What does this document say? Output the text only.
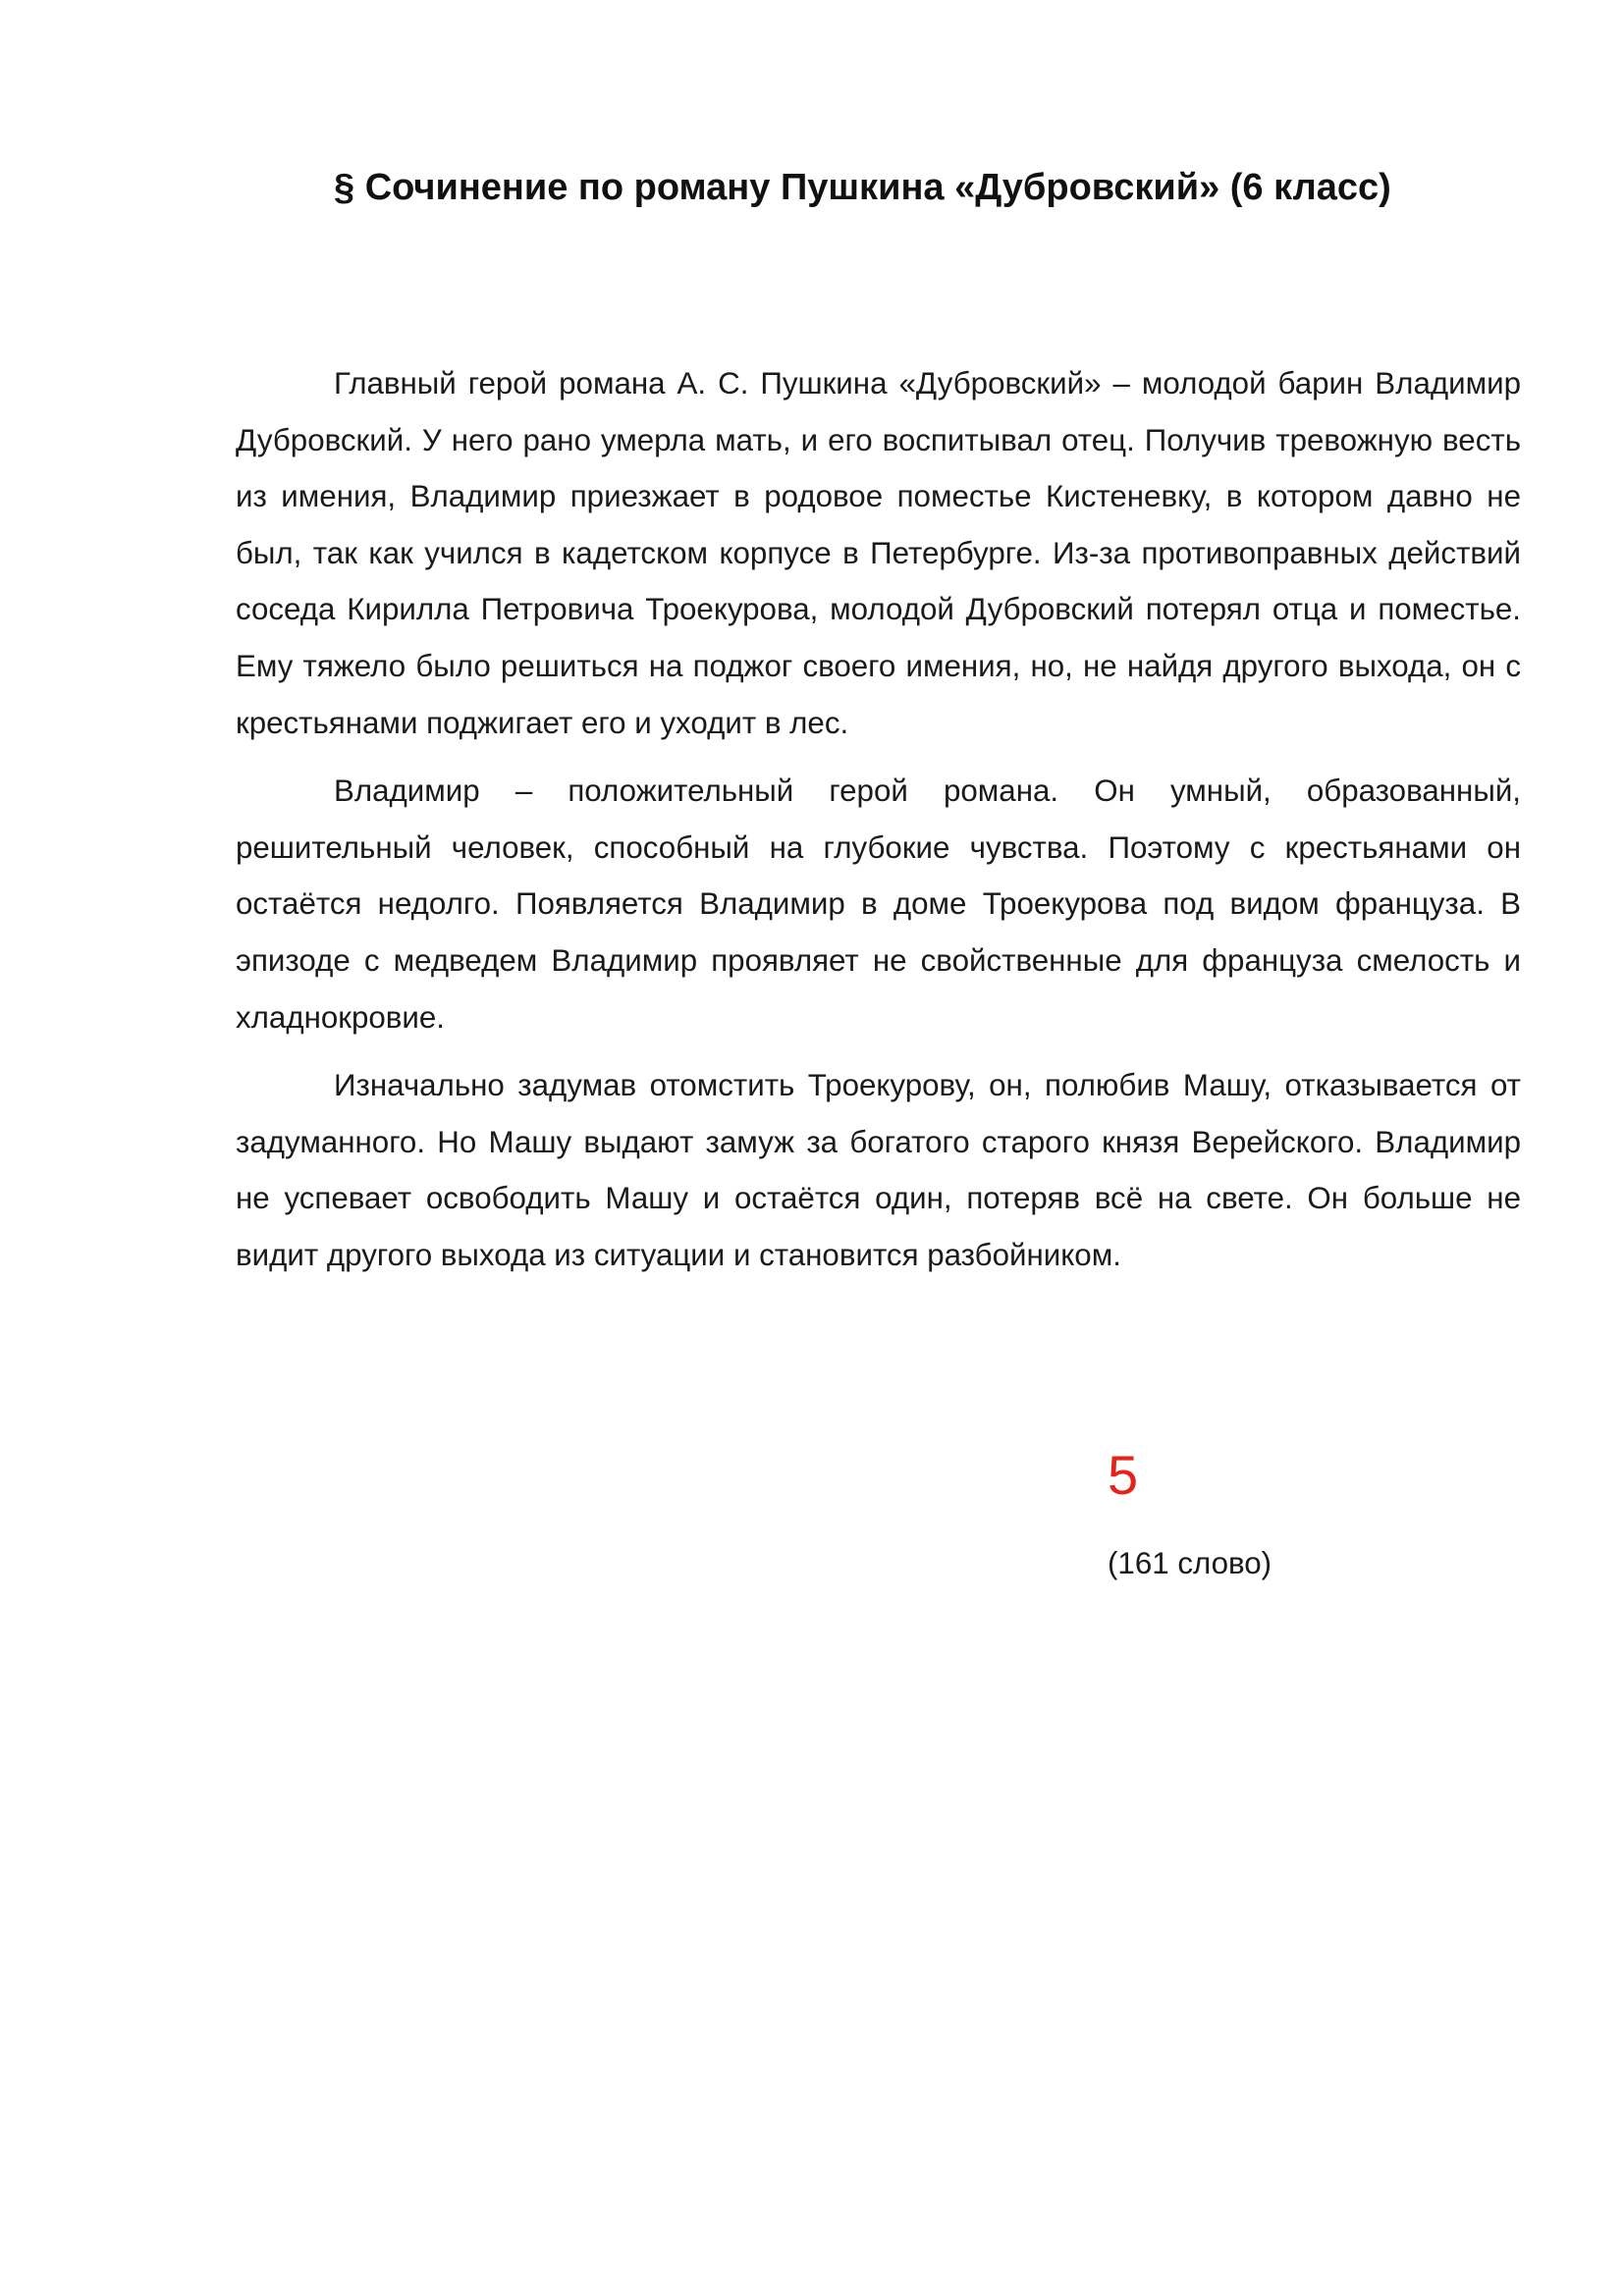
§ Сочинение по роману Пушкина «Дубровский» (6 класс)

Главный герой романа А. С. Пушкина «Дубровский» – молодой барин Владимир Дубровский. У него рано умерла мать, и его воспитывал отец. Получив тревожную весть из имения, Владимир приезжает в родовое поместье Кистеневку, в котором давно не был, так как учился в кадетском корпусе в Петербурге. Из-за противоправных действий соседа Кирилла Петровича Троекурова, молодой Дубровский потерял отца и поместье. Ему тяжело было решиться на поджог своего имения, но, не найдя другого выхода, он с крестьянами поджигает его и уходит в лес.

Владимир – положительный герой романа. Он умный, образованный, решительный человек, способный на глубокие чувства. Поэтому с крестьянами он остаётся недолго. Появляется Владимир в доме Троекурова под видом француза. В эпизоде с медведем Владимир проявляет не свойственные для француза смелость и хладнокровие.

Изначально задумав отомстить Троекурову, он, полюбив Машу, отказывается от задуманного. Но Машу выдают замуж за богатого старого князя Верейского. Владимир не успевает освободить Машу и остаётся один, потеряв всё на свете. Он больше не видит другого выхода из ситуации и становится разбойником.

5
(161 слово)
